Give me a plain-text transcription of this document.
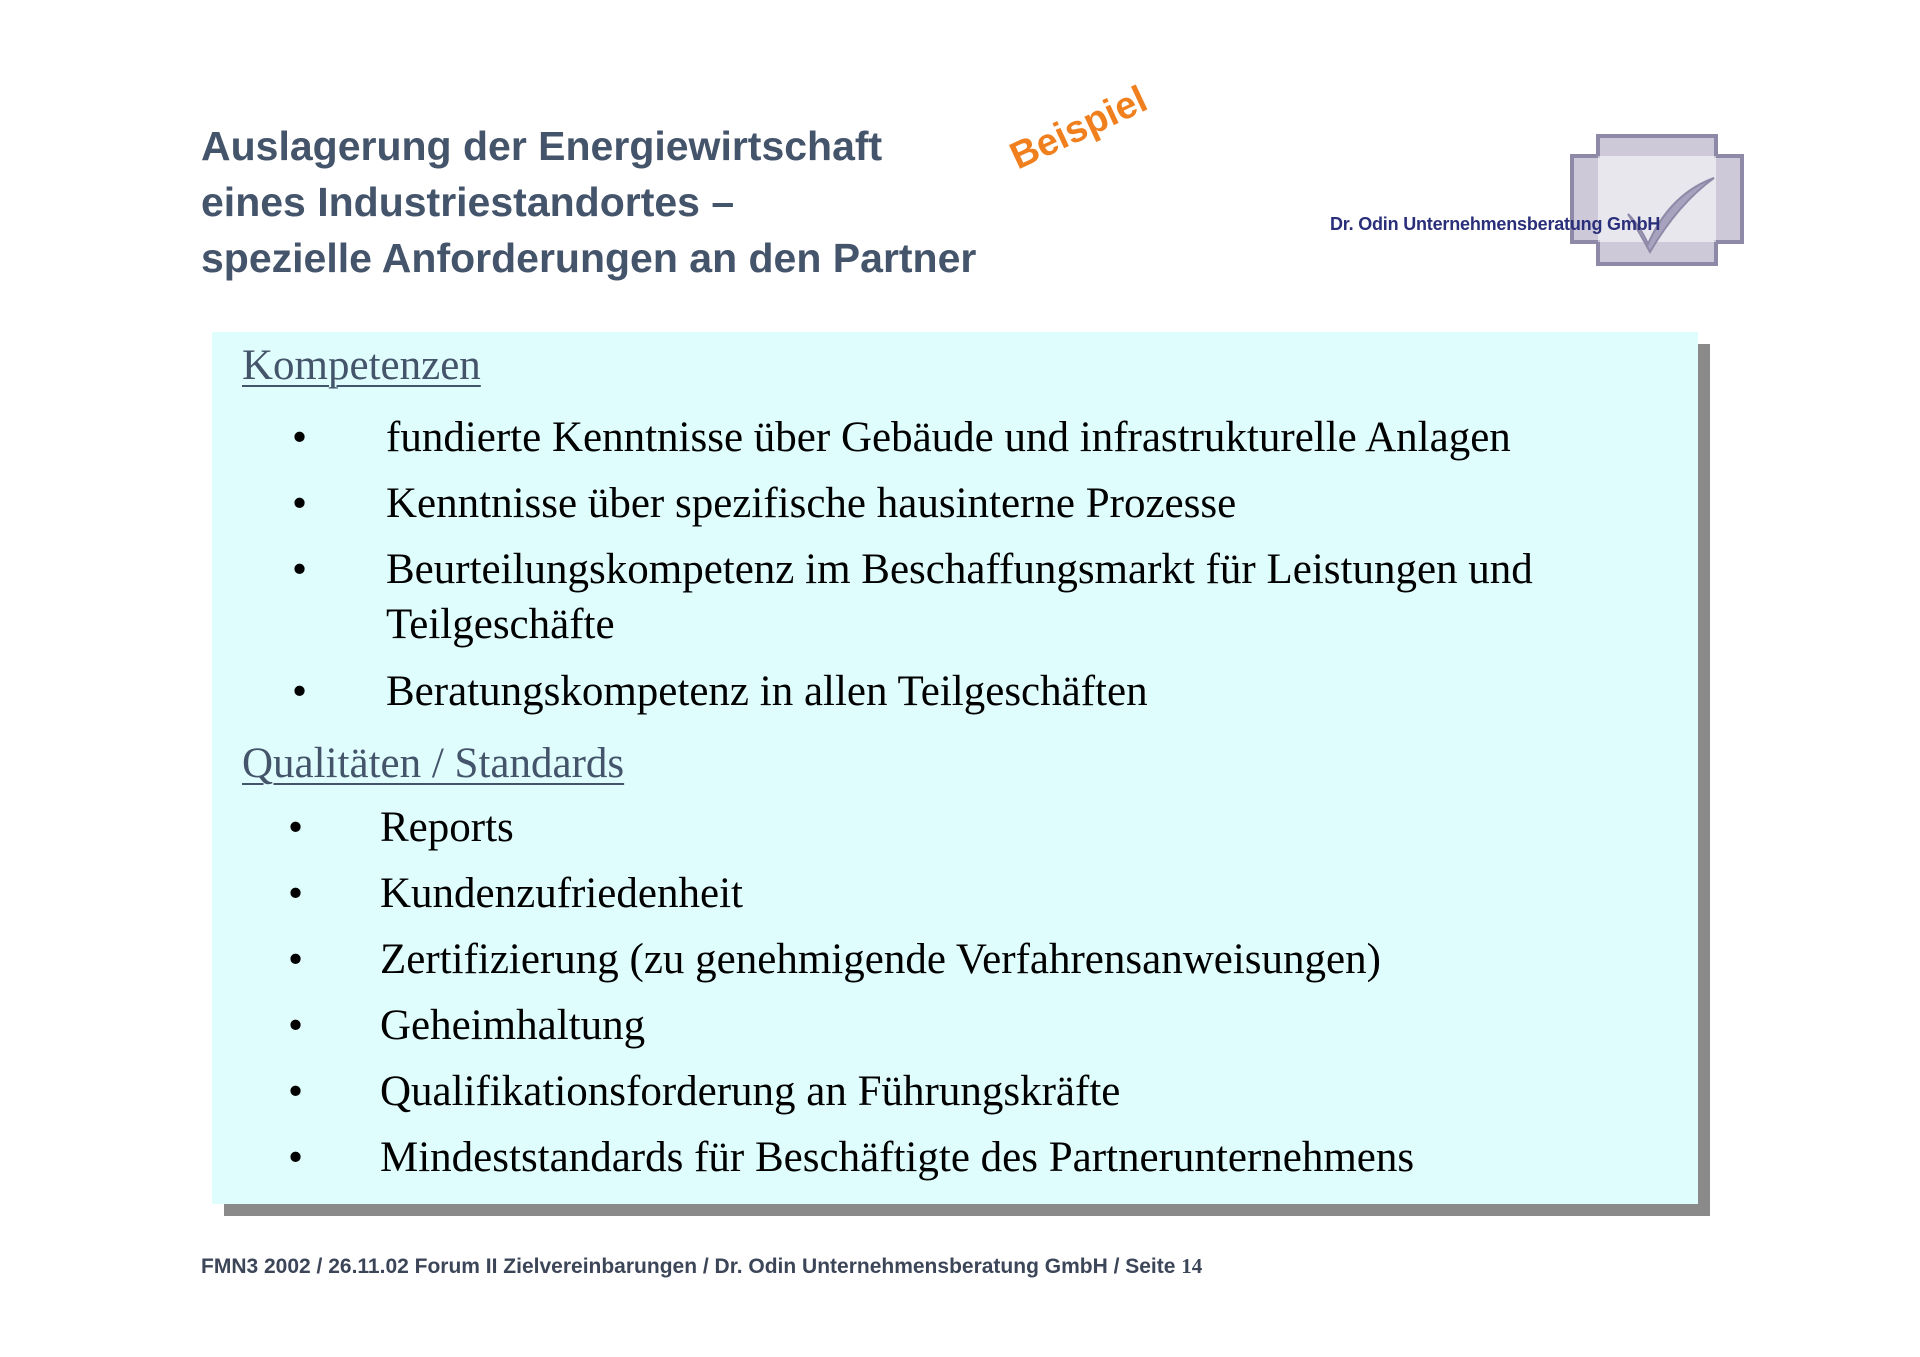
Auslagerung der Energiewirtschaft
eines Industriestandortes –
spezielle Anforderungen an den Partner
Beispiel
Dr. Odin Unternehmensberatung GmbH
Kompetenzen
• fundierte Kenntnisse über Gebäude und infrastrukturelle Anlagen
• Kenntnisse über spezifische hausinterne Prozesse
• Beurteilungskompetenz im Beschaffungsmarkt für Leistungen und
Teilgeschäfte
• Beratungskompetenz in allen Teilgeschäften
Qualitäten / Standards
• Reports
• Kundenzufriedenheit
• Zertifizierung (zu genehmigende Verfahrensanweisungen)
• Geheimhaltung
• Qualifikationsforderung an Führungskräfte
• Mindeststandards für Beschäftigte des Partnerunternehmens
FMN3 2002 / 26.11.02 Forum II Zielvereinbarungen / Dr. Odin Unternehmensberatung GmbH / Seite 14
